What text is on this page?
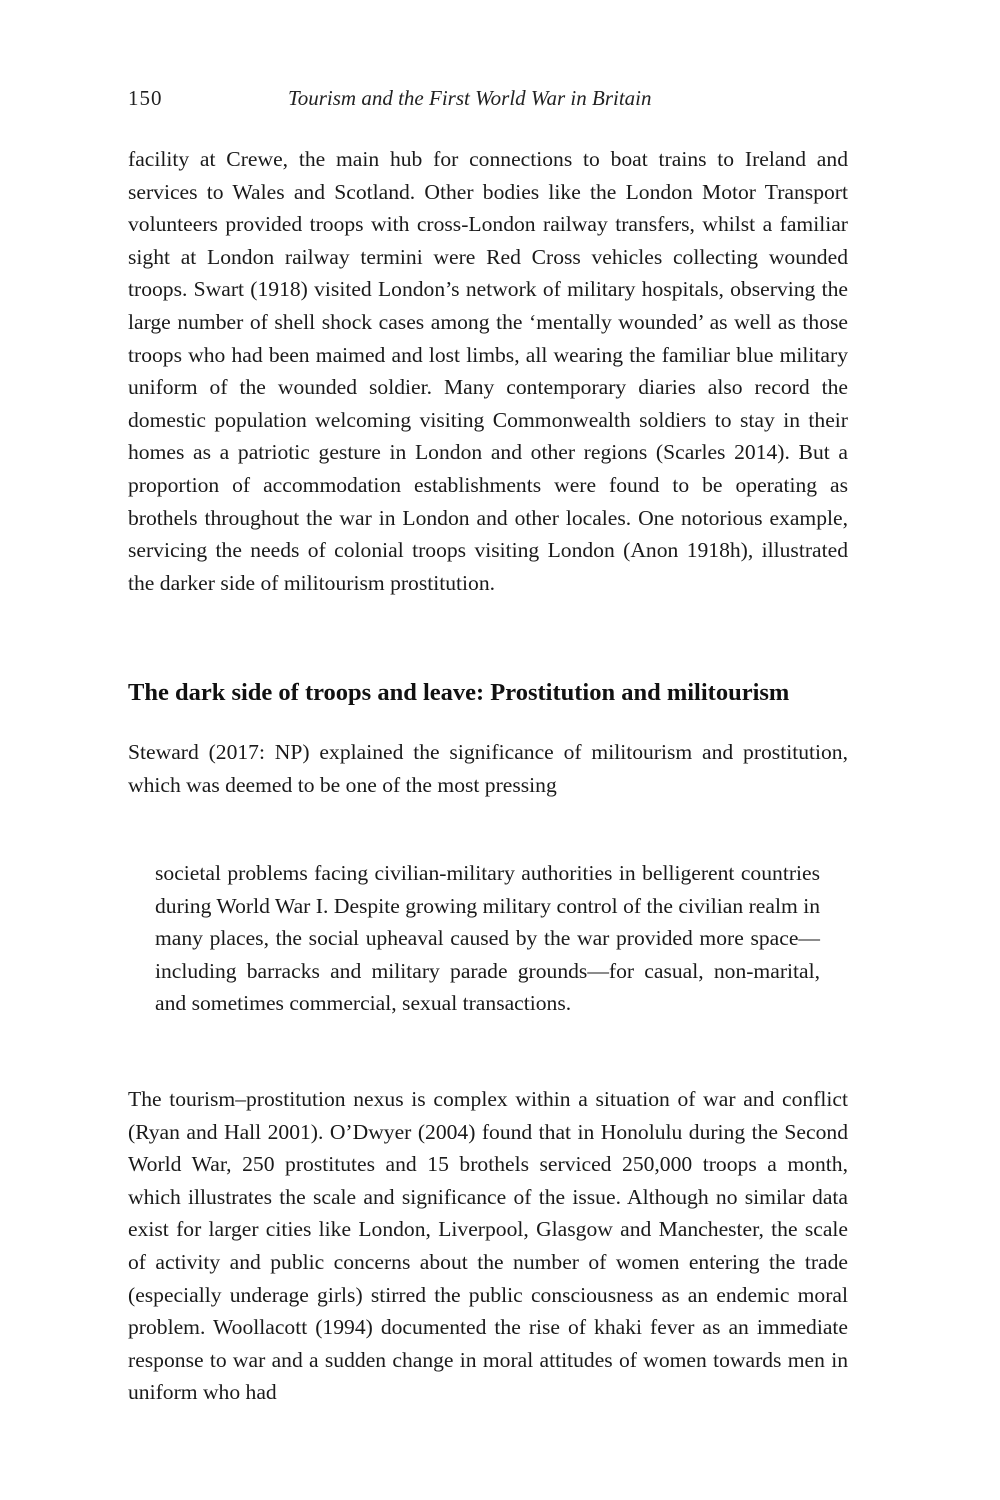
150	Tourism and the First World War in Britain

facility at Crewe, the main hub for connections to boat trains to Ireland and services to Wales and Scotland. Other bodies like the London Motor Transport volunteers provided troops with cross-London railway transfers, whilst a familiar sight at London railway termini were Red Cross vehicles collecting wounded troops. Swart (1918) visited London’s network of military hospitals, observing the large number of shell shock cases among the ‘mentally wounded’ as well as those troops who had been maimed and lost limbs, all wearing the familiar blue military uniform of the wounded soldier. Many contemporary diaries also record the domestic population welcoming visiting Commonwealth soldiers to stay in their homes as a patriotic gesture in London and other regions (Scarles 2014). But a proportion of accommodation establishments were found to be operating as brothels throughout the war in London and other locales. One notorious example, servicing the needs of colonial troops visiting London (Anon 1918h), illustrated the darker side of militourism prostitution.

The dark side of troops and leave: Prostitution and militourism

Steward (2017: NP) explained the significance of militourism and prostitution, which was deemed to be one of the most pressing

societal problems facing civilian-military authorities in belligerent countries during World War I. Despite growing military control of the civilian realm in many places, the social upheaval caused by the war provided more space—including barracks and military parade grounds—for casual, non-marital, and sometimes commercial, sexual transactions.

The tourism–prostitution nexus is complex within a situation of war and conflict (Ryan and Hall 2001). O’Dwyer (2004) found that in Honolulu during the Second World War, 250 prostitutes and 15 brothels serviced 250,000 troops a month, which illustrates the scale and significance of the issue. Although no similar data exist for larger cities like London, Liverpool, Glasgow and Manchester, the scale of activity and public concerns about the number of women entering the trade (especially underage girls) stirred the public consciousness as an endemic moral problem. Woollacott (1994) documented the rise of khaki fever as an immediate response to war and a sudden change in moral attitudes of women towards men in uniform who had
